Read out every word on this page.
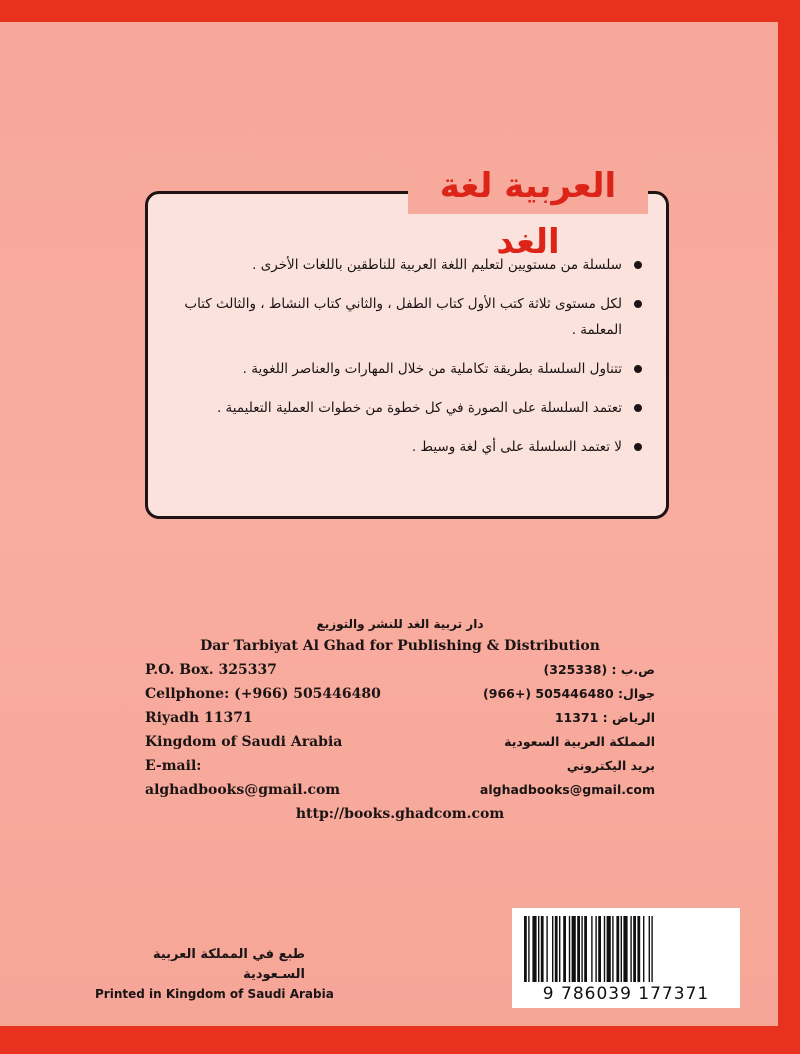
العربية لغة الغد
سلسلة من مستويين لتعليم اللغة العربية للناطقين باللغات الأخرى .
لكل مستوى ثلاثة كتب الأول كتاب الطفل ، والثاني كتاب النشاط ، والثالث كتاب المعلمة .
تتناول السلسلة بطريقة تكاملية من خلال المهارات والعناصر اللغوية .
تعتمد السلسلة على الصورة في كل خطوة من خطوات العملية التعليمية .
لا تعتمد السلسلة على أي لغة وسيط .
دار تربية الغد للنشر والتوزيع
Dar Tarbiyat Al Ghad for Publishing & Distribution
P.O. Box. 325337	ص.ب : (325338)
Cellphone: (+966) 505446480	جوال: 505446480 (+966)
Riyadh 11371	الرياض : 11371
Kingdom of Saudi Arabia	المملكة العربية السعودية
E-mail: alghadbooks@gmail.com
بريد اليكتروني alghadbooks@gmail.com
http://books.ghadcom.com
طبع في المملكة العربية السـعودية
Printed in Kingdom of Saudi Arabia	9 786039 177371
